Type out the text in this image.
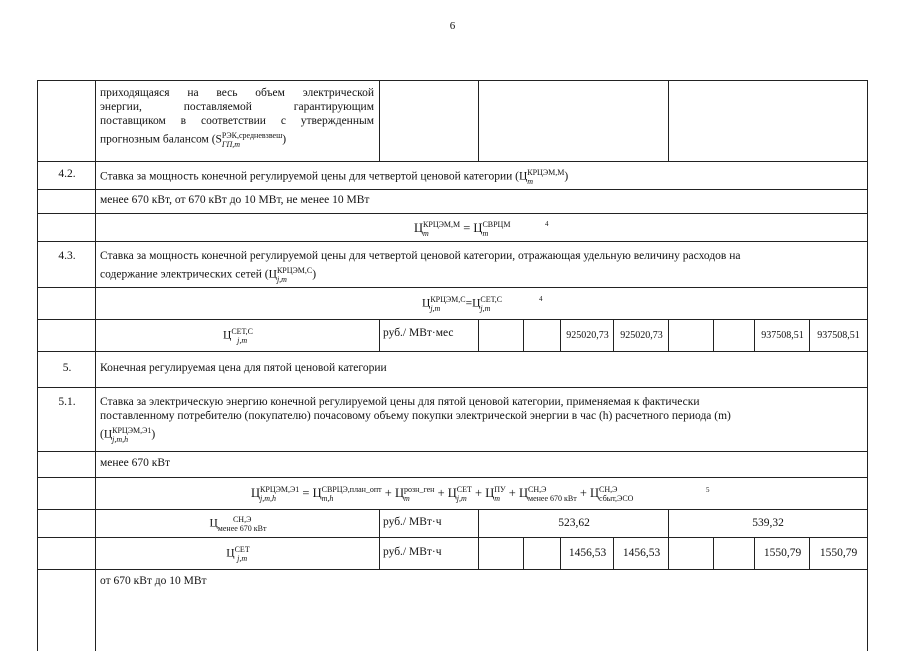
6
приходящаяся на весь объем электрической
энергии, поставляемой гарантирующим
поставщиком в соответствии с утвержденным
прогнозным балансом (S РЭК,средневзвеш
ГП,m	)
4.2.	Ставка за мощность конечной регулируемой цены для четвертой ценовой категории (Ц КРЦЭМ,М
m	)
менее 670 кВт, от 670 кВт до 10 МВт, не менее 10 МВт
Ц КРЦЭМ,М
m	= Ц СВРЦМ
m
4
4.3.	Ставка за мощность конечной регулируемой цены для четвертой ценовой категории, отражающая удельную величину расходов на
содержание электрических сетей (Ц КРЦЭМ,С
j,m	)
Ц КРЦЭМ,С
j,m	=Ц СЕТ,С
j,m
4
Ц СЕТ,С
j,m
руб./ МВт·мес	925020,73	925020,73	937508,51	937508,51
5.	Конечная регулируемая цена для пятой ценовой категории
5.1.	Ставка за электрическую энергию конечной регулируемой цены для пятой ценовой категории, применяемая к фактически
поставленному потребителю (покупателю) почасовому объему покупки электрической энергии в час (h) расчетного периода (m)
(Ц КРЦЭМ,Э1
j,m,h	)
менее 670 кВт
Ц КРЦЭМ,Э1
j,m,h	= Ц СВРЦЭ,план_опт
m,h	+ Ц розн_ген
m	+ Ц СЕТ
j,m + Ц ПУ
m + Ц СН,Э
менее 670 кВт + Ц СН,Э
сбыт,ЭСО
5
Ц	СН,Э
менее 670 кВт
руб./ МВт·ч	523,62	539,32
Ц СЕТ
j,m
руб./ МВт·ч	1456,53	1456,53	1550,79	1550,79
от 670 кВт до 10 МВт
